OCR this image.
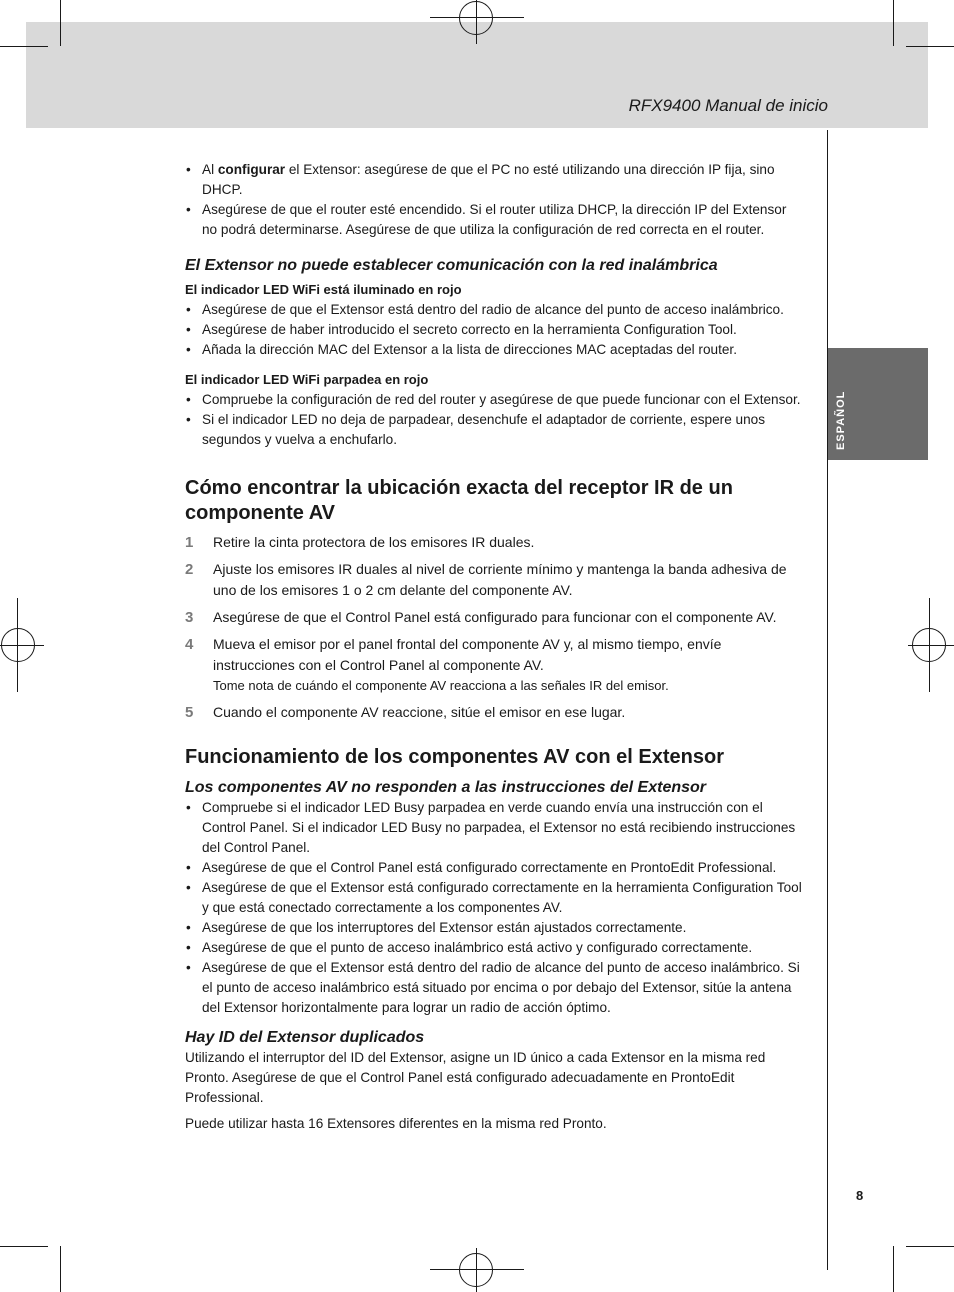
RFX9400 Manual de inicio
ESPAÑOL
8
• Al configurar el Extensor: asegúrese de que el PC no esté utilizando una dirección IP fija, sino DHCP.
• Asegúrese de que el router esté encendido. Si el router utiliza DHCP, la dirección IP del Extensor no podrá determinarse. Asegúrese de que utiliza la configuración de red correcta en el router.
El Extensor no puede establecer comunicación con la red inalámbrica
El indicador LED WiFi está iluminado en rojo
• Asegúrese de que el Extensor está dentro del radio de alcance del punto de acceso inalámbrico.
• Asegúrese de haber introducido el secreto correcto en la herramienta Configuration Tool.
• Añada la dirección MAC del Extensor a la lista de direcciones MAC aceptadas del router.
El indicador LED WiFi parpadea en rojo
• Compruebe la configuración de red del router y asegúrese de que puede funcionar con el Extensor.
• Si el indicador LED no deja de parpadear, desenchufe el adaptador de corriente, espere unos segundos y vuelva a enchufarlo.
Cómo encontrar la ubicación exacta del receptor IR de un componente AV
1 Retire la cinta protectora de los emisores IR duales.
2 Ajuste los emisores IR duales al nivel de corriente mínimo y mantenga la banda adhesiva de uno de los emisores 1 o 2 cm delante del componente AV.
3 Asegúrese de que el Control Panel está configurado para funcionar con el componente AV.
4 Mueva el emisor por el panel frontal del componente AV y, al mismo tiempo, envíe instrucciones con el Control Panel al componente AV.
Tome nota de cuándo el componente AV reacciona a las señales IR del emisor.
5 Cuando el componente AV reaccione, sitúe el emisor en ese lugar.
Funcionamiento de los componentes AV con el Extensor
Los componentes AV no responden a las instrucciones del Extensor
• Compruebe si el indicador LED Busy parpadea en verde cuando envía una instrucción con el Control Panel. Si el indicador LED Busy no parpadea, el Extensor no está recibiendo instrucciones del Control Panel.
• Asegúrese de que el Control Panel está configurado correctamente en ProntoEdit Professional.
• Asegúrese de que el Extensor está configurado correctamente en la herramienta Configuration Tool y que está conectado correctamente a los componentes AV.
• Asegúrese de que los interruptores del Extensor están ajustados correctamente.
• Asegúrese de que el punto de acceso inalámbrico está activo y configurado correctamente.
• Asegúrese de que el Extensor está dentro del radio de alcance del punto de acceso inalámbrico. Si el punto de acceso inalámbrico está situado por encima o por debajo del Extensor, sitúe la antena del Extensor horizontalmente para lograr un radio de acción óptimo.
Hay ID del Extensor duplicados

Utilizando el interruptor del ID del Extensor, asigne un ID único a cada Extensor en la misma red Pronto. Asegúrese de que el Control Panel está configurado adecuadamente en ProntoEdit Professional.

Puede utilizar hasta 16 Extensores diferentes en la misma red Pronto.
